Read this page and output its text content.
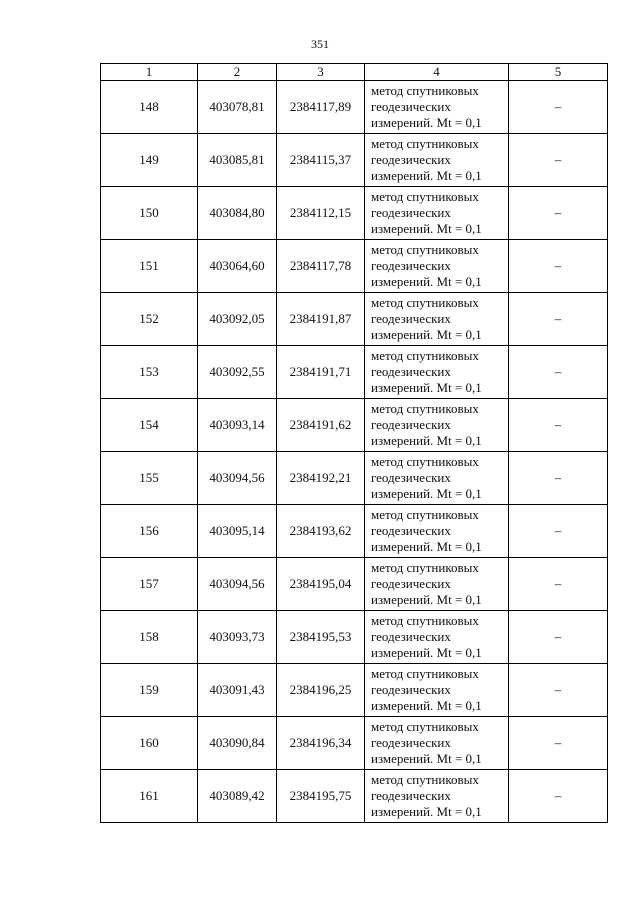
351
1	2	3	4	5
148	403078,81	2384117,89	метод спутниковых
геодезических
измерений. Mt = 0,1	–
149	403085,81	2384115,37	метод спутниковых
геодезических
измерений. Mt = 0,1	–
150	403084,80	2384112,15	метод спутниковых
геодезических
измерений. Mt = 0,1	–
151	403064,60	2384117,78	метод спутниковых
геодезических
измерений. Mt = 0,1	–
152	403092,05	2384191,87	метод спутниковых
геодезических
измерений. Mt = 0,1	–
153	403092,55	2384191,71	метод спутниковых
геодезических
измерений. Mt = 0,1	–
154	403093,14	2384191,62	метод спутниковых
геодезических
измерений. Mt = 0,1	–
155	403094,56	2384192,21	метод спутниковых
геодезических
измерений. Mt = 0,1	–
156	403095,14	2384193,62	метод спутниковых
геодезических
измерений. Mt = 0,1	–
157	403094,56	2384195,04	метод спутниковых
геодезических
измерений. Mt = 0,1	–
158	403093,73	2384195,53	метод спутниковых
геодезических
измерений. Mt = 0,1	–
159	403091,43	2384196,25	метод спутниковых
геодезических
измерений. Mt = 0,1	–
160	403090,84	2384196,34	метод спутниковых
геодезических
измерений. Mt = 0,1	–
161	403089,42	2384195,75	метод спутниковых
геодезических
измерений. Mt = 0,1	–
